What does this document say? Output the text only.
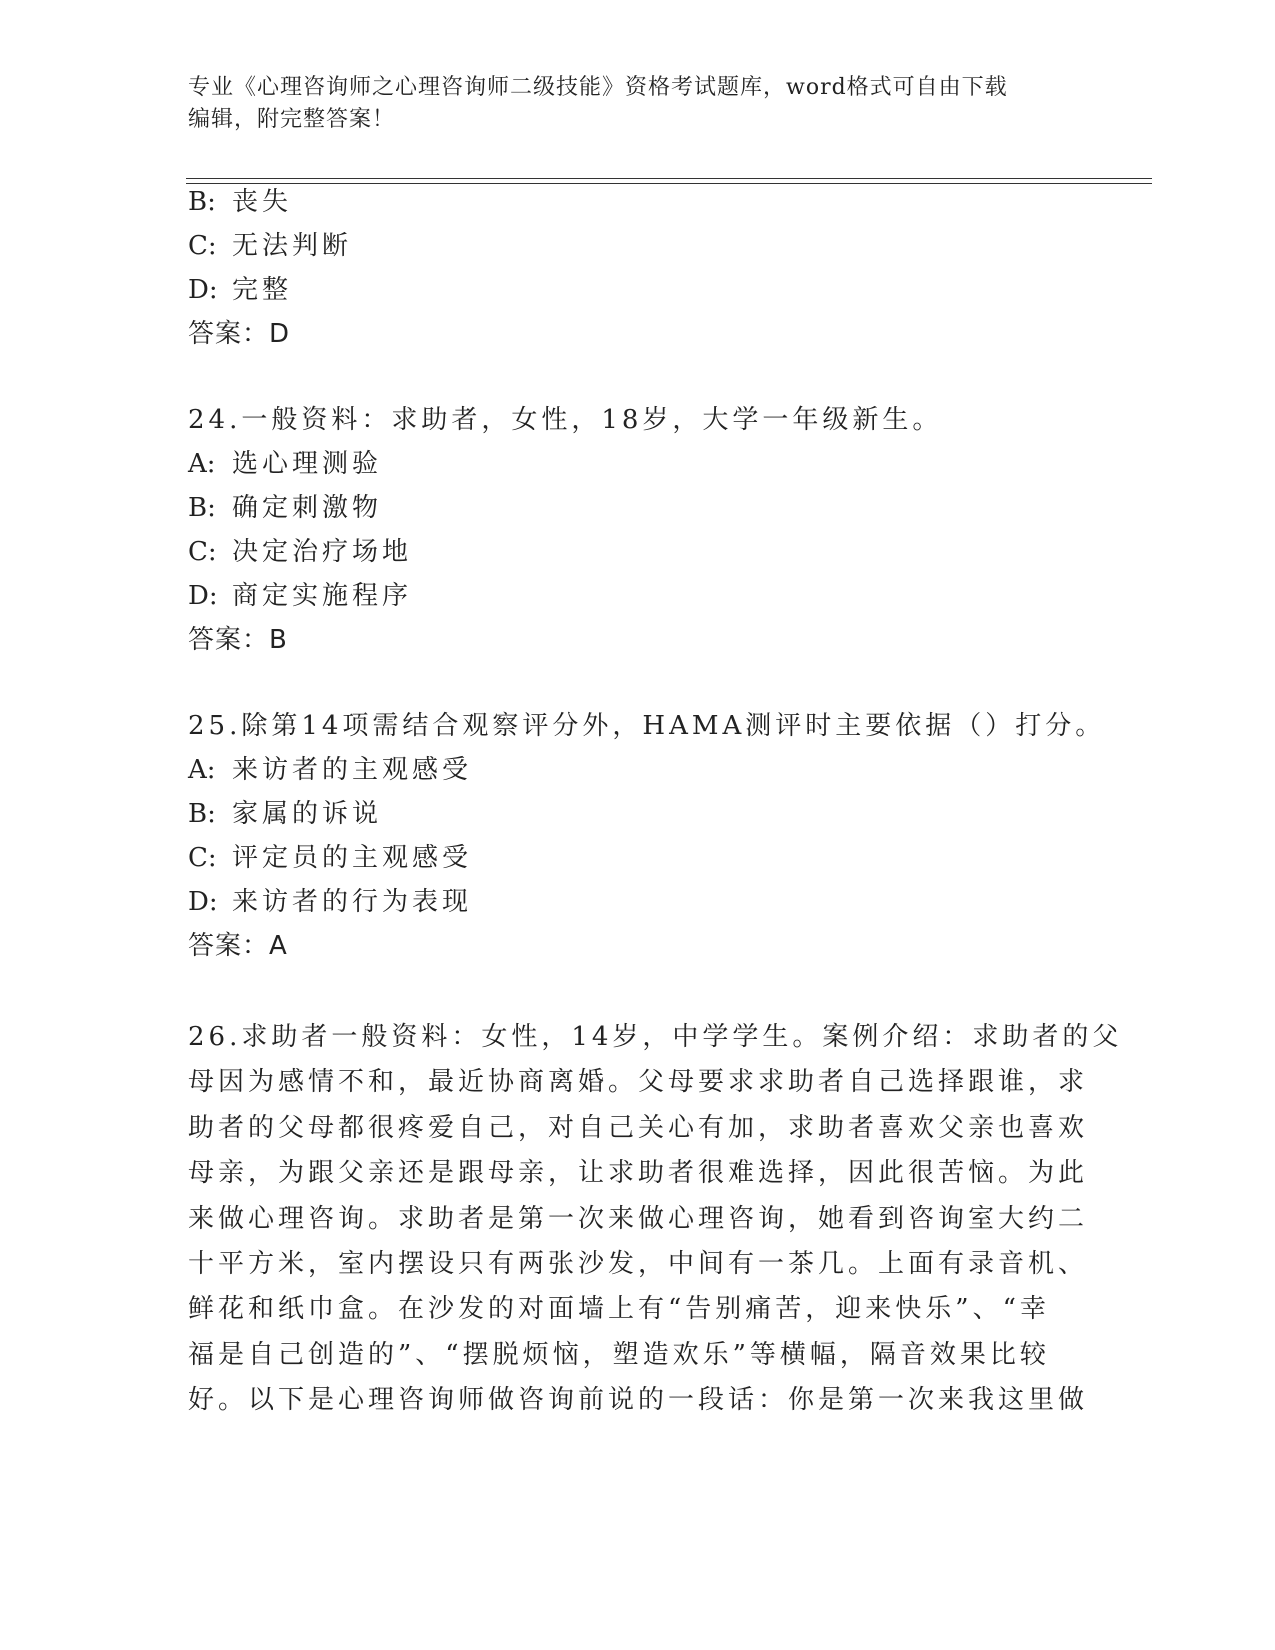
专业《心理咨询师之心理咨询师二级技能》资格考试题库，word格式可自由下载
编辑，附完整答案！
B: 丧失
C: 无法判断
D: 完整
答案：D
24.一般资料：求助者，女性，18岁，大学一年级新生。
A: 选心理测验
B: 确定刺激物
C: 决定治疗场地
D: 商定实施程序
答案：B
25.除第14项需结合观察评分外，HAMA测评时主要依据（）打分。
A: 来访者的主观感受
B: 家属的诉说
C: 评定员的主观感受
D: 来访者的行为表现
答案：A
26.求助者一般资料：女性，14岁，中学学生。案例介绍：求助者的父
母因为感情不和，最近协商离婚。父母要求求助者自己选择跟谁，求
助者的父母都很疼爱自己，对自己关心有加，求助者喜欢父亲也喜欢
母亲，为跟父亲还是跟母亲，让求助者很难选择，因此很苦恼。为此
来做心理咨询。求助者是第一次来做心理咨询，她看到咨询室大约二
十平方米，室内摆设只有两张沙发，中间有一茶几。上面有录音机、
鲜花和纸巾盒。在沙发的对面墙上有“告别痛苦，迎来快乐”、“幸
福是自己创造的”、“摆脱烦恼，塑造欢乐”等横幅，隔音效果比较
好。以下是心理咨询师做咨询前说的一段话：你是第一次来我这里做
